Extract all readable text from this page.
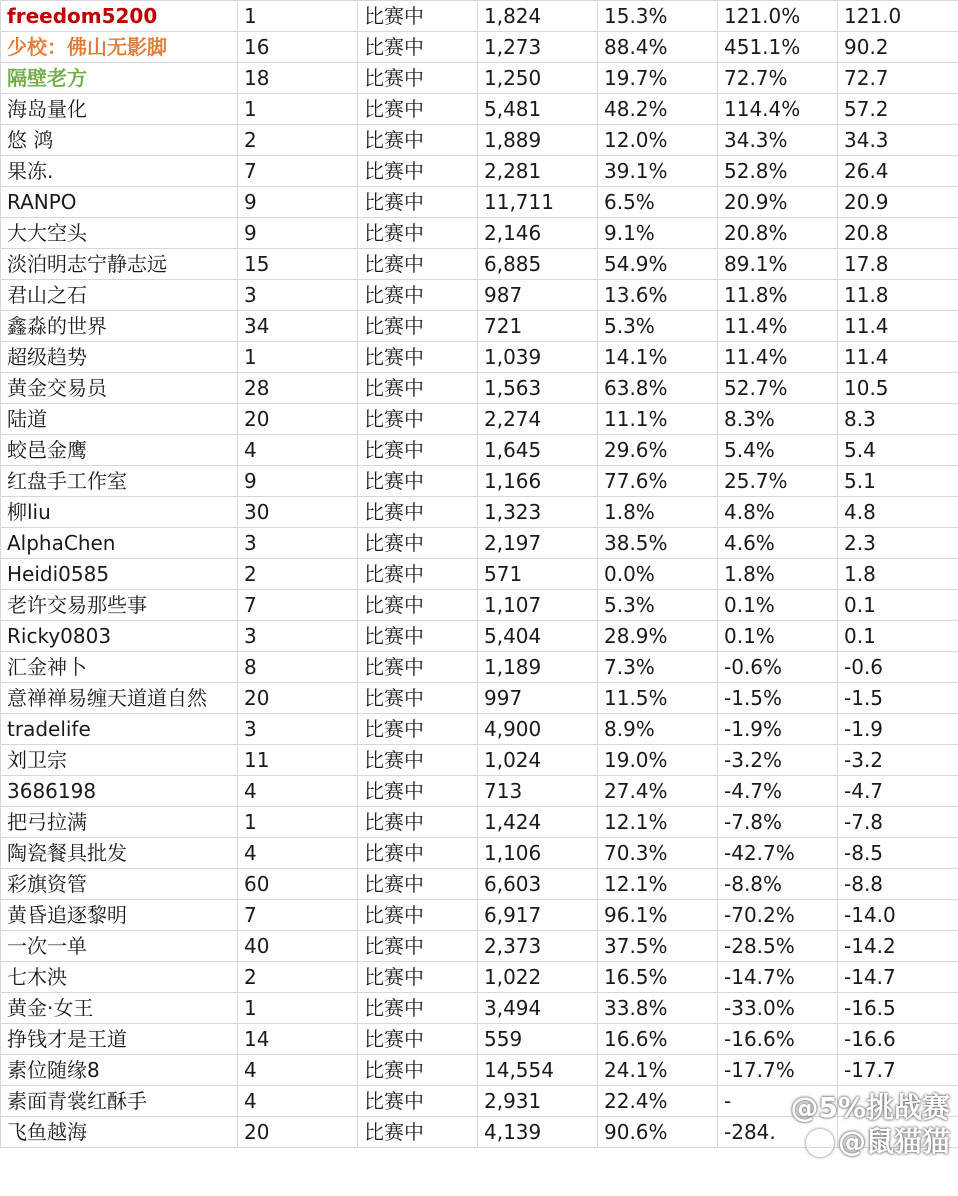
freedom5200	1	比赛中	1,824	15.3%	121.0%	121.0
少校：佛山无影脚	16	比赛中	1,273	88.4%	451.1%	90.2
隔壁老方	18	比赛中	1,250	19.7%	72.7%	72.7
海岛量化	1	比赛中	5,481	48.2%	114.4%	57.2
悠 鸿	2	比赛中	1,889	12.0%	34.3%	34.3
果冻.	7	比赛中	2,281	39.1%	52.8%	26.4
RANPO	9	比赛中	11,711	6.5%	20.9%	20.9
大大空头	9	比赛中	2,146	9.1%	20.8%	20.8
淡泊明志宁静志远	15	比赛中	6,885	54.9%	89.1%	17.8
君山之石	3	比赛中	987	13.6%	11.8%	11.8
鑫淼的世界	34	比赛中	721	5.3%	11.4%	11.4
超级趋势	1	比赛中	1,039	14.1%	11.4%	11.4
黄金交易员	28	比赛中	1,563	63.8%	52.7%	10.5
陆道	20	比赛中	2,274	11.1%	8.3%	8.3
蛟邑金鹰	4	比赛中	1,645	29.6%	5.4%	5.4
红盘手工作室	9	比赛中	1,166	77.6%	25.7%	5.1
柳liu	30	比赛中	1,323	1.8%	4.8%	4.8
AlphaChen	3	比赛中	2,197	38.5%	4.6%	2.3
Heidi0585	2	比赛中	571	0.0%	1.8%	1.8
老许交易那些事	7	比赛中	1,107	5.3%	0.1%	0.1
Ricky0803	3	比赛中	5,404	28.9%	0.1%	0.1
汇金神卜	8	比赛中	1,189	7.3%	-0.6%	-0.6
意禅禅易缠天道道自然	20	比赛中	997	11.5%	-1.5%	-1.5
tradelife	3	比赛中	4,900	8.9%	-1.9%	-1.9
刘卫宗	11	比赛中	1,024	19.0%	-3.2%	-3.2
3686198	4	比赛中	713	27.4%	-4.7%	-4.7
把弓拉满	1	比赛中	1,424	12.1%	-7.8%	-7.8
陶瓷餐具批发	4	比赛中	1,106	70.3%	-42.7%	-8.5
彩旗资管	60	比赛中	6,603	12.1%	-8.8%	-8.8
黄昏追逐黎明	7	比赛中	6,917	96.1%	-70.2%	-14.0
一次一单	40	比赛中	2,373	37.5%	-28.5%	-14.2
七木泱	2	比赛中	1,022	16.5%	-14.7%	-14.7
黄金·女王	1	比赛中	3,494	33.8%	-33.0%	-16.5
挣钱才是王道	14	比赛中	559	16.6%	-16.6%	-16.6
素位随缘8	4	比赛中	14,554	24.1%	-17.7%	-17.7
素面青裳红酥手	4	比赛中	2,931	22.4%	-	
飞鱼越海	20	比赛中	4,139	90.6%	-284.	
@5%挑战赛
@鼠猫猫
